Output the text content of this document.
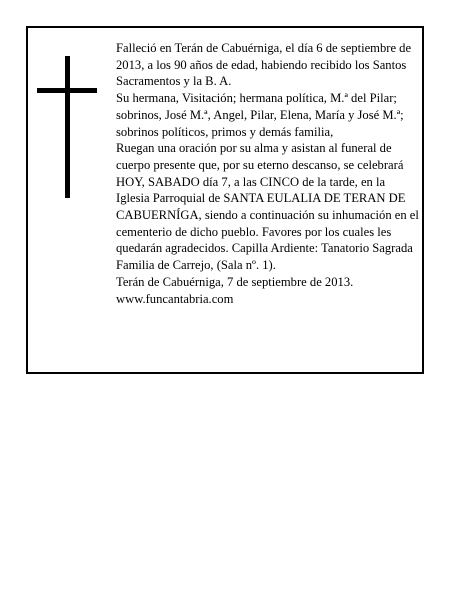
Falleció en Terán de Cabuérniga, el día 6 de septiembre de 2013, a los 90 años de edad, habiendo recibido los Santos Sacramentos y la B. A.

Su hermana, Visitación; hermana política, M.ª del Pilar; sobrinos, José M.ª, Angel, Pilar, Elena, María y José M.ª; sobrinos políticos, primos y demás familia,

Ruegan una oración por su alma y asistan al funeral de cuerpo presente que, por su eterno descanso, se celebrará HOY, SABADO día 7, a las CINCO de la tarde, en la Iglesia Parroquial de SANTA EULALIA DE TERAN DE CABUERNÍGA, siendo a continuación su inhumación en el cementerio de dicho pueblo. Favores por los cuales les quedarán agradecidos. Capilla Ardiente: Tanatorio Sagrada Familia de Carrejo, (Sala nº. 1).

Terán de Cabuérniga, 7 de septiembre de 2013.

www.funcantabria.com
